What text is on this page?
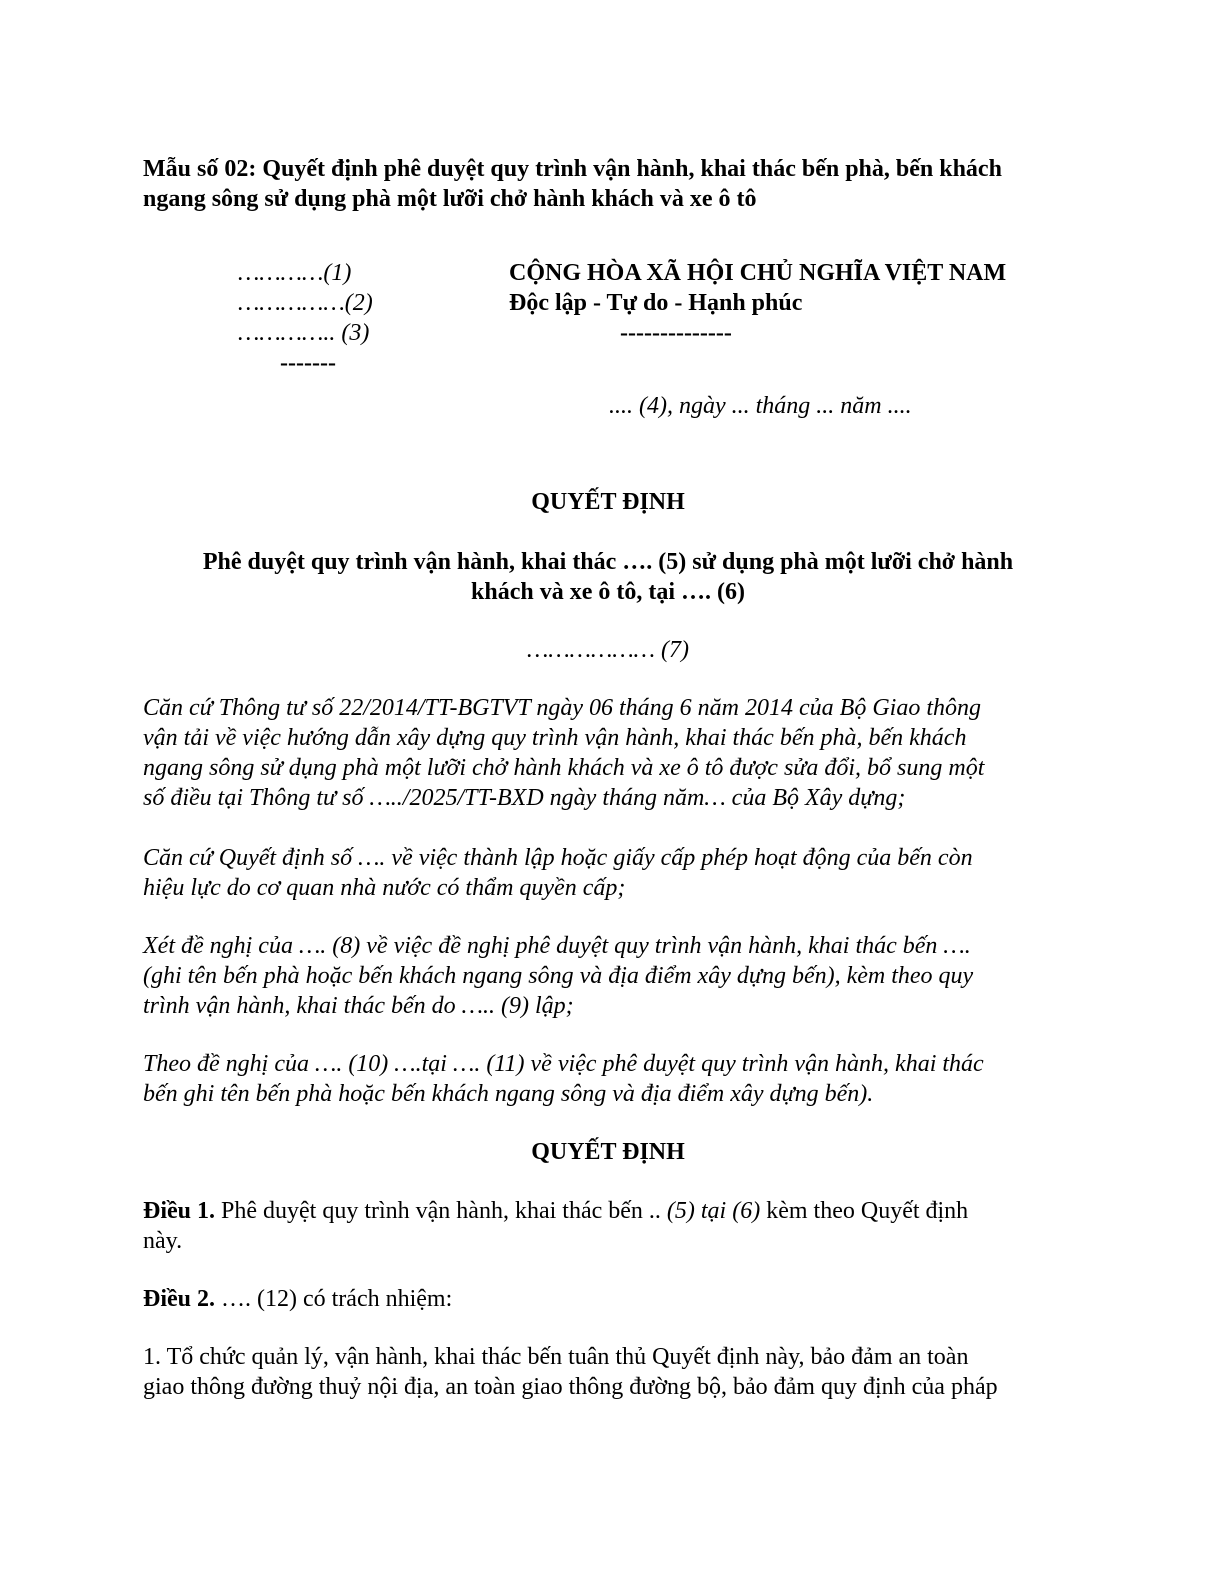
Mẫu số 02: Quyết định phê duyệt quy trình vận hành, khai thác bến phà, bến khách
ngang sông sử dụng phà một lưỡi chở hành khách và xe ô tô
…………(1)
……………(2)
………….. (3)
-------
CỘNG HÒA XÃ HỘI CHỦ NGHĨA VIỆT NAM
Độc lập - Tự do - Hạnh phúc
--------------
.... (4), ngày ... tháng ... năm ....
QUYẾT ĐỊNH
Phê duyệt quy trình vận hành, khai thác …. (5) sử dụng phà một lưỡi chở hành
khách và xe ô tô, tại …. (6)
……………… (7)
Căn cứ Thông tư số 22/2014/TT-BGTVT ngày 06 tháng 6 năm 2014 của Bộ Giao thông
vận tải về việc hướng dẫn xây dựng quy trình vận hành, khai thác bến phà, bến khách
ngang sông sử dụng phà một lưỡi chở hành khách và xe ô tô được sửa đổi, bổ sung một
số điều tại Thông tư số …../2025/TT-BXD ngày tháng năm… của Bộ Xây dựng;
Căn cứ Quyết định số …. về việc thành lập hoặc giấy cấp phép hoạt động của bến còn
hiệu lực do cơ quan nhà nước có thẩm quyền cấp;
Xét đề nghị của …. (8) về việc đề nghị phê duyệt quy trình vận hành, khai thác bến ….
(ghi tên bến phà hoặc bến khách ngang sông và địa điểm xây dựng bến), kèm theo quy
trình vận hành, khai thác bến do ….. (9) lập;
Theo đề nghị của …. (10) ….tại …. (11) về việc phê duyệt quy trình vận hành, khai thác
bến ghi tên bến phà hoặc bến khách ngang sông và địa điểm xây dựng bến).
QUYẾT ĐỊNH
Điều 1. Phê duyệt quy trình vận hành, khai thác bến .. (5) tại (6) kèm theo Quyết định
này.
Điều 2. …. (12) có trách nhiệm:
1. Tổ chức quản lý, vận hành, khai thác bến tuân thủ Quyết định này, bảo đảm an toàn
giao thông đường thuỷ nội địa, an toàn giao thông đường bộ, bảo đảm quy định của pháp
